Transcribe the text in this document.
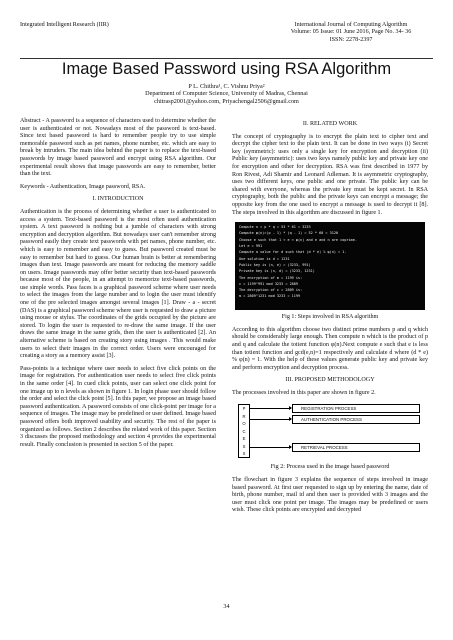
Integrated Intelligent Research (IIR)	International Journal of Computing Algorithm
Volume: 05 Issue: 01 June 2016, Page No. 34- 36
ISSN: 2278-2397
Image Based Password using RSA Algorithm
P L. Chithra¹, C. Vishnu Priya²
Department of Computer Science, University of Madras, Chennai
chitrasp2001@yahoo.com, Priyachengal2506@gmail.com

Abstract - A password is a sequence of characters used to determine whether the user is authenticated or not. Nowadays most of the password is text-based. Since text based password is hard to remember people try to use simple memorable password such as pet names, phone number, etc. which are easy to break by intruders. The main idea behind the paper is to replace the text-based passwords by image based password and encrypt using RSA algorithm. Our experimental result shows that image passwords are easy to remember, better than the text.

Keywords - Authentication, Image password, RSA.

I. INTRODUCTION

Authentication is the process of determining whether a user is authenticated to access a system. Text-based password is the most often used authentication system. A text password is nothing but a jumble of characters with strong encryption and decryption algorithm. But nowadays user can't remember strong password easily they create text passwords with pet names, phone number, etc. which is easy to remember and easy to guess. But password created must be easy to remember but hard to guess. Our human brain is better at remembering images than text. Image passwords are meant for reducing the memory saddle on users. Image passwords may offer better security than text-based passwords because most of the people, in an attempt to memorize text-based passwords, use simple words. Pass faces is a graphical password scheme where user needs to select the images from the large number and to login the user must identify one of the pre selected images amongst several images [1]. Draw - a - secret (DAS) is a graphical password scheme where user is requested to draw a picture using mouse or stylus. The coordinates of the grids occupied by the picture are stored. To login the user is requested to re-draw the same image. If the user draws the same image in the same grids, then the user is authenticated [2]. An alternative scheme is based on creating story using images . This would make users to select their images in the correct order. Users were encouraged for creating a story as a memory assist [3].

Pass-points is a technique where user needs to select five click points on the image for registration. For authentication user needs to select five click points in the same order [4]. In cued click points, user can select one click point for one image up to n levels as shown in figure 1. In login phase user should follow the order and select the click point [5]. In this paper, we propose an image based password authentication. A password consists of one click-point per image for a sequence of images. The image may be predefined or user defined. Image based password offers both improved usability and security. The rest of the paper is organized as follows. Section 2 describes the related work of this paper. Section 3 discusses the proposed methodology and section 4 provides the experimental result. Finally conclusion is presented in section 5 of the paper.

II. RELATED WORK

The concept of cryptography is to encrypt the plain text to cipher text and decrypt the cipher text to the plain text. It can be done in two ways (i) Secret key (symmetric): uses only a single key for encryption and decryption (ii) Public key (asymmetric): uses two keys namely public key and private key one for encryption and other for decryption. RSA was first described in 1977 by Ron Rivest, Adi Shamir and Leonard Adleman. It is asymmetric cryptography, uses two different keys, one public and one private. The public key can be shared with everyone, whereas the private key must be kept secret. In RSA cryptography, both the public and the private keys can encrypt a message; the opposite key from the one used to encrypt a message is used to decrypt it [8]. The steps involved in this algorithm are discussed in figure 1.

Compute n = p * q = 53 * 61 = 3233
Compute φ(n)=(p - 1) * (q - 1) = 52 * 60 = 3120
Choose e such that 1 < e < φ(n) and e and n are coprime.
Let e = 991
Compute a value for d such that (d * e) % φ(n) = 1.
One solution is d = 1231
Public key is (n, e) = (3233, 991)
Private key is (n, d) = (3233, 1231)
The encryption of m = 1199 is:
c = 1199^991 mod 3233 = 2809
The decryption of c = 2809 is:
m = 2809^1231 mod 3233 = 1199
Fig 1: Steps involved in RSA algorithm

According to this algorithm choose two distinct prime numbers p and q which should be considerably large enough. Then compute n which is the product of p and q and calculate the totient function φ(n).Next compute e such that e is less than totient function and gcd(e,n)=1 respectively and calculate d where (d * e) % φ(n) = 1. With the help of these values generate public key and private key and perform encryption and decryption process.

III. PROPOSED METHODOLOGY

The processes involved in this paper are shown in figure 2.

P
R
O
C
E
S
S
REGISTRATION PROCESS
AUTHENTICATION PROCESS
RETRIEVAL PROCESS
Fig 2: Process used in the image based password

The flowchart in figure 3 explains the sequence of steps involved in image based password. At first user requested to sign up by entering the name, date of birth, phone number, mail id and then user is provided with 3 images and the user must click one point per image. The images may be predefined or users wish. These click points are encrypted and decrypted

34
